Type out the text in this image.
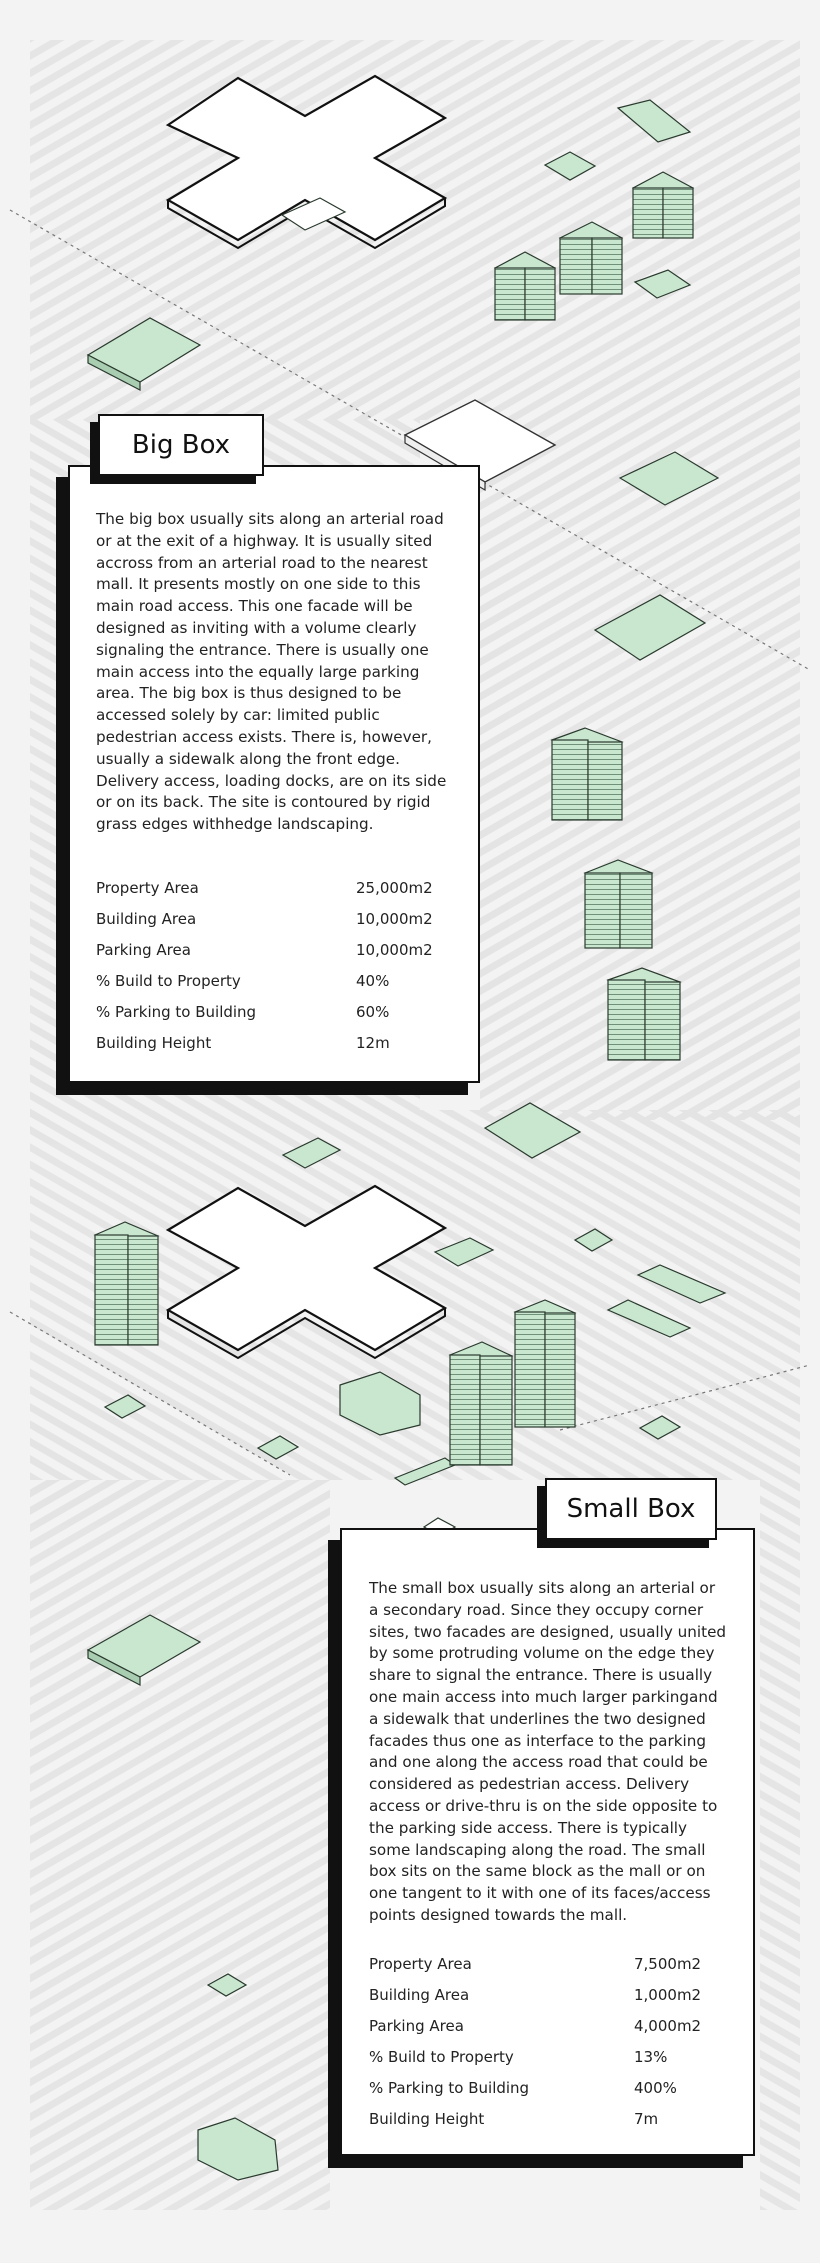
Big Box
The big box usually sits along an arterial road or at the exit of a highway. It is usually sited accross from an arterial road to the nearest mall. It presents mostly on one side to this main road access. This one facade will be designed as inviting with a volume clearly signaling the entrance. There is usually one main access into the equally large parking area. The big box is thus designed to be accessed solely by car: limited public pedestrian access exists. There is, however, usually a sidewalk along the front edge. Delivery access, loading docks, are on its side or on its back. The site is contoured by rigid grass edges withhedge landscaping.
Property Area	25,000m2
Building Area	10,000m2
Parking Area	10,000m2
% Build to Property	40%
% Parking to Building	60%
Building Height	12m
Small Box
The small box usually sits along an arterial or a secondary road. Since they occupy corner sites, two facades are designed, usually united by some protruding volume on the edge they share to signal the entrance. There is usually one main access into much larger parkingand a sidewalk that underlines the two designed facades thus one as interface to the parking and one along the access road that could be considered as pedestrian access. Delivery access or drive-thru is on the side opposite to the parking side access. There is typically some landscaping along the road. The small box sits on the same block as the mall or on one tangent to it with one of its faces/access points designed towards the mall.
Property Area	7,500m2
Building Area	1,000m2
Parking Area	4,000m2
% Build to Property	13%
% Parking to Building	400%
Building Height	7m
